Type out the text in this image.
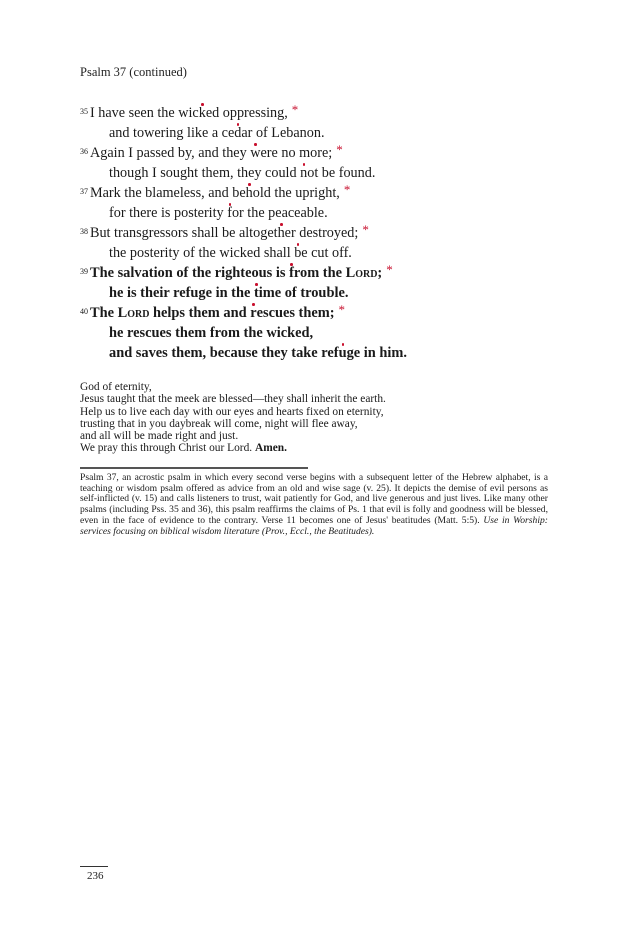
Psalm 37 (continued)
$^{35}$ I have seen the wicked oppressing, *
and towering like a cedar of Lebanon.
$^{36}$ Again I passed by, and they were no more; *
though I sought them, they could not be found.
$^{37}$ Mark the blameless, and behold the upright, *
for there is posterity for the peaceable.
$^{38}$ But transgressors shall be altogether destroyed; *
the posterity of the wicked shall be cut off.
$^{39}$ The salvation of the righteous is from the Lord; *
he is their refuge in the time of trouble.
$^{40}$ The Lord helps them and rescues them; *
he rescues them from the wicked,
and saves them, because they take refuge in him.
God of eternity,
Jesus taught that the meek are blessed—they shall inherit the earth.
Help us to live each day with our eyes and hearts fixed on eternity,
trusting that in you daybreak will come, night will flee away,
and all will be made right and just.
We pray this through Christ our Lord. Amen.
Psalm 37, an acrostic psalm in which every second verse begins with a subsequent letter of the Hebrew alphabet, is a teaching or wisdom psalm offered as advice from an old and wise sage (v. 25). It depicts the demise of evil persons as self-inflicted (v. 15) and calls listeners to trust, wait patiently for God, and live generous and just lives. Like many other psalms (including Pss. 35 and 36), this psalm reaffirms the claims of Ps. 1 that evil is folly and goodness will be blessed, even in the face of evidence to the contrary. Verse 11 becomes one of Jesus' beatitudes (Matt. 5:5). Use in Worship: services focusing on biblical wisdom literature (Prov., Eccl., the Beatitudes).
236
